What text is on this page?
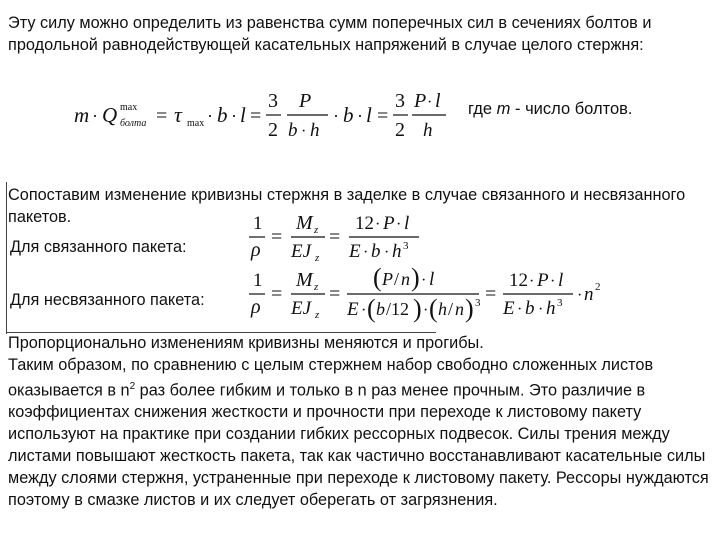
Эту силу можно определить из равенства сумм поперечных сил в сечениях болтов и продольной равнодействующей касательных напряжений в случае целого стержня:

m · Q max
болта = τ max · b · l =
3
2
P
b · h
· b · l =
3
2
P · l
h
где m - число болтов.

Сопоставим изменение кривизны стержня в заделке в случае связанного и несвязанного пакетов.

Для связанного пакета:
1
ρ
=
M z
EJ z
=
12 · P · l
E · b · h 3
Для несвязанного пакета:
1
ρ
=
M z
EJ z
=
( P / n ) · l
E · ( b /12 ) · ( h / n ) 3 =
12 · P · l
E · b · h 3 · n 2

Пропорционально изменениям кривизны меняются и прогибы.
Таким образом, по сравнению с целым стержнем набор свободно сложенных листов оказывается в $n^2$ раз более гибким и только в n раз менее прочным. Это различие в коэффициентах снижения жесткости и прочности при переходе к листовому пакету используют на практике при создании гибких рессорных подвесок. Силы трения между листами повышают жесткость пакета, так как частично восстанавливают касательные силы между слоями стержня, устраненные при переходе к листовому пакету. Рессоры нуждаются поэтому в смазке листов и их следует оберегать от загрязнения.
